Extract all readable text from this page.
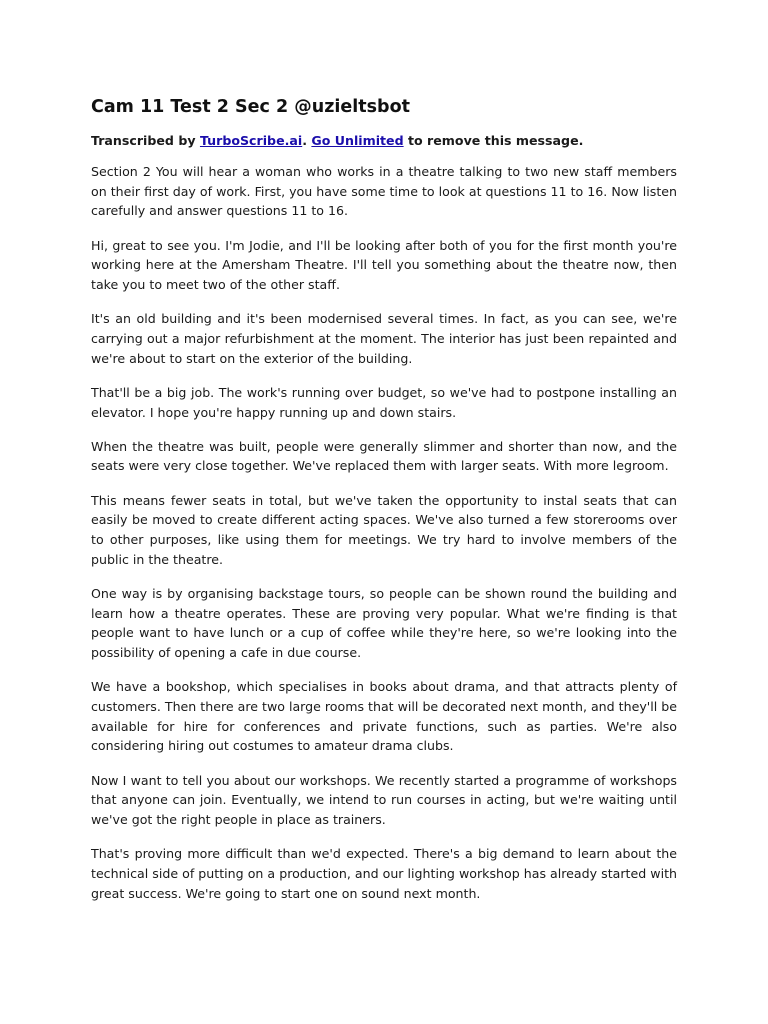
Cam 11 Test 2 Sec 2 @uzieltsbot
Transcribed by TurboScribe.ai. Go Unlimited to remove this message.

Section 2 You will hear a woman who works in a theatre talking to two new staff members on their first day of work. First, you have some time to look at questions 11 to 16. Now listen carefully and answer questions 11 to 16.

Hi, great to see you. I'm Jodie, and I'll be looking after both of you for the first month you're working here at the Amersham Theatre. I'll tell you something about the theatre now, then take you to meet two of the other staff.

It's an old building and it's been modernised several times. In fact, as you can see, we're carrying out a major refurbishment at the moment. The interior has just been repainted and we're about to start on the exterior of the building.

That'll be a big job. The work's running over budget, so we've had to postpone installing an elevator. I hope you're happy running up and down stairs.

When the theatre was built, people were generally slimmer and shorter than now, and the seats were very close together. We've replaced them with larger seats. With more legroom.

This means fewer seats in total, but we've taken the opportunity to instal seats that can easily be moved to create different acting spaces. We've also turned a few storerooms over to other purposes, like using them for meetings. We try hard to involve members of the public in the theatre.

One way is by organising backstage tours, so people can be shown round the building and learn how a theatre operates. These are proving very popular. What we're finding is that people want to have lunch or a cup of coffee while they're here, so we're looking into the possibility of opening a cafe in due course.

We have a bookshop, which specialises in books about drama, and that attracts plenty of customers. Then there are two large rooms that will be decorated next month, and they'll be available for hire for conferences and private functions, such as parties. We're also considering hiring out costumes to amateur drama clubs.

Now I want to tell you about our workshops. We recently started a programme of workshops that anyone can join. Eventually, we intend to run courses in acting, but we're waiting until we've got the right people in place as trainers.

That's proving more difficult than we'd expected. There's a big demand to learn about the technical side of putting on a production, and our lighting workshop has already started with great success. We're going to start one on sound next month.
